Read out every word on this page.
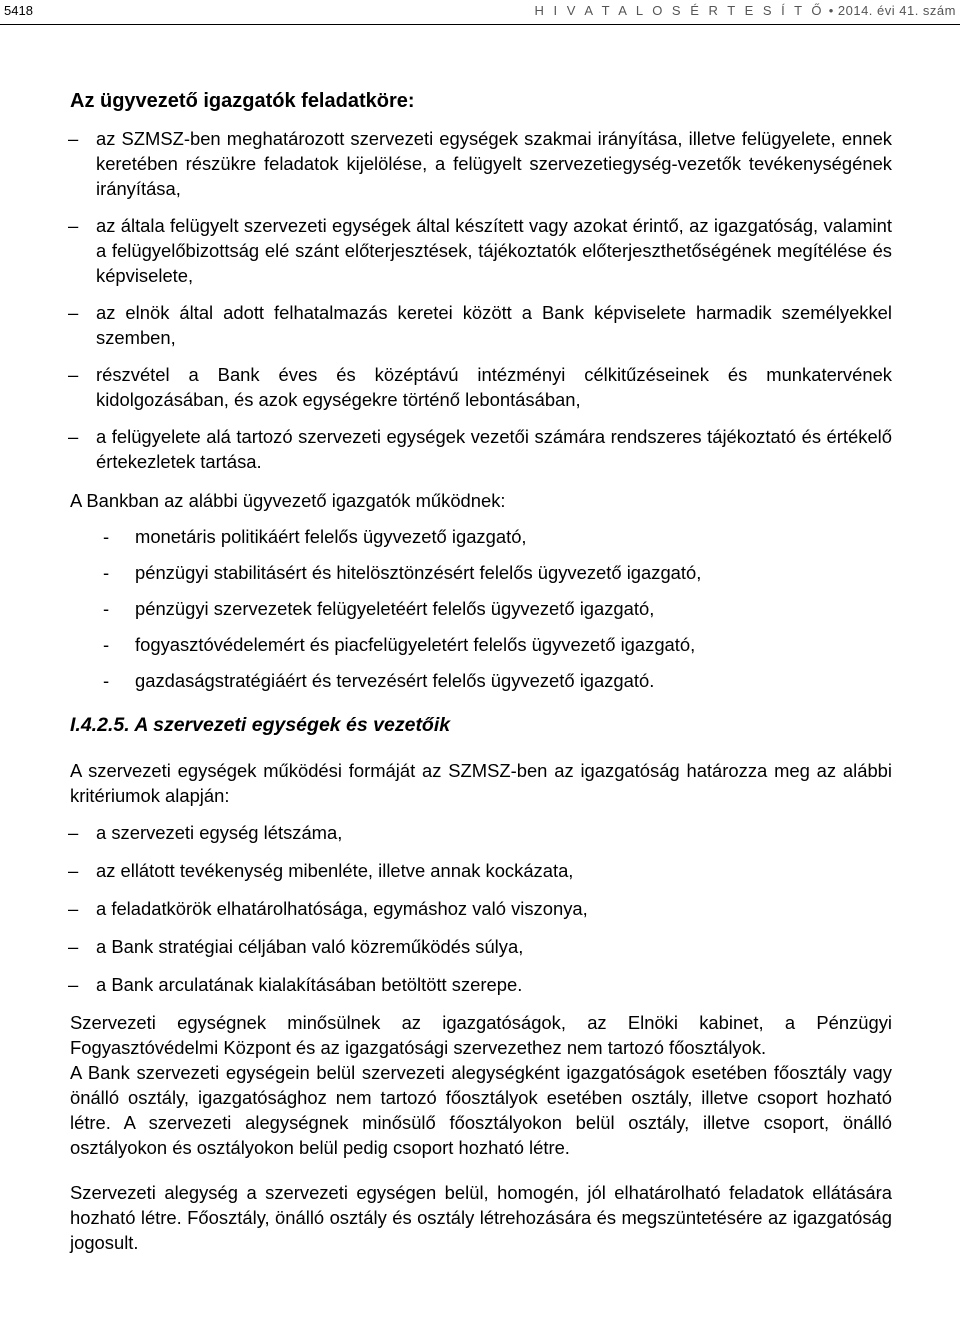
5418	H I V A T A L O S É R T E S Í T Ő • 2014. évi 41. szám
Az ügyvezető igazgatók feladatköre:
– az SZMSZ-ben meghatározott szervezeti egységek szakmai irányítása, illetve felügyelete, ennek keretében részükre feladatok kijelölése, a felügyelt szervezetiegység-vezetők tevékenységének irányítása,
– az általa felügyelt szervezeti egységek által készített vagy azokat érintő, az igazgatóság, valamint a felügyelőbizottság elé szánt előterjesztések, tájékoztatók előterjeszthetőségének megítélése és képviselete,
– az elnök által adott felhatalmazás keretei között a Bank képviselete harmadik személyekkel szemben,
– részvétel a Bank éves és középtávú intézményi célkitűzéseinek és munkatervének kidolgozásában, és azok egységekre történő lebontásában,
– a felügyelete alá tartozó szervezeti egységek vezetői számára rendszeres tájékoztató és értékelő értekezletek tartása.

A Bankban az alábbi ügyvezető igazgatók működnek:

- monetáris politikáért felelős ügyvezető igazgató,
- pénzügyi stabilitásért és hitelösztönzésért felelős ügyvezető igazgató,
- pénzügyi szervezetek felügyeletéért felelős ügyvezető igazgató,
- fogyasztóvédelemért és piacfelügyeletért felelős ügyvezető igazgató,
- gazdaságstratégiáért és tervezésért felelős ügyvezető igazgató.
I.4.2.5. A szervezeti egységek és vezetőik

A szervezeti egységek működési formáját az SZMSZ-ben az igazgatóság határozza meg az alábbi kritériumok alapján:

– a szervezeti egység létszáma,
– az ellátott tevékenység mibenléte, illetve annak kockázata,
– a feladatkörök elhatárolhatósága, egymáshoz való viszonya,
– a Bank stratégiai céljában való közreműködés súlya,
– a Bank arculatának kialakításában betöltött szerepe.

Szervezeti egységnek minősülnek az igazgatóságok, az Elnöki kabinet, a Pénzügyi Fogyasztóvédelmi Központ és az igazgatósági szervezethez nem tartozó főosztályok.

A Bank szervezeti egységein belül szervezeti alegységként igazgatóságok esetében főosztály vagy önálló osztály, igazgatósághoz nem tartozó főosztályok esetében osztály, illetve csoport hozható létre. A szervezeti alegységnek minősülő főosztályokon belül osztály, illetve csoport, önálló osztályokon és osztályokon belül pedig csoport hozható létre.

Szervezeti alegység a szervezeti egységen belül, homogén, jól elhatárolható feladatok ellátására hozható létre. Főosztály, önálló osztály és osztály létrehozására és megszüntetésére az igazgatóság jogosult.
